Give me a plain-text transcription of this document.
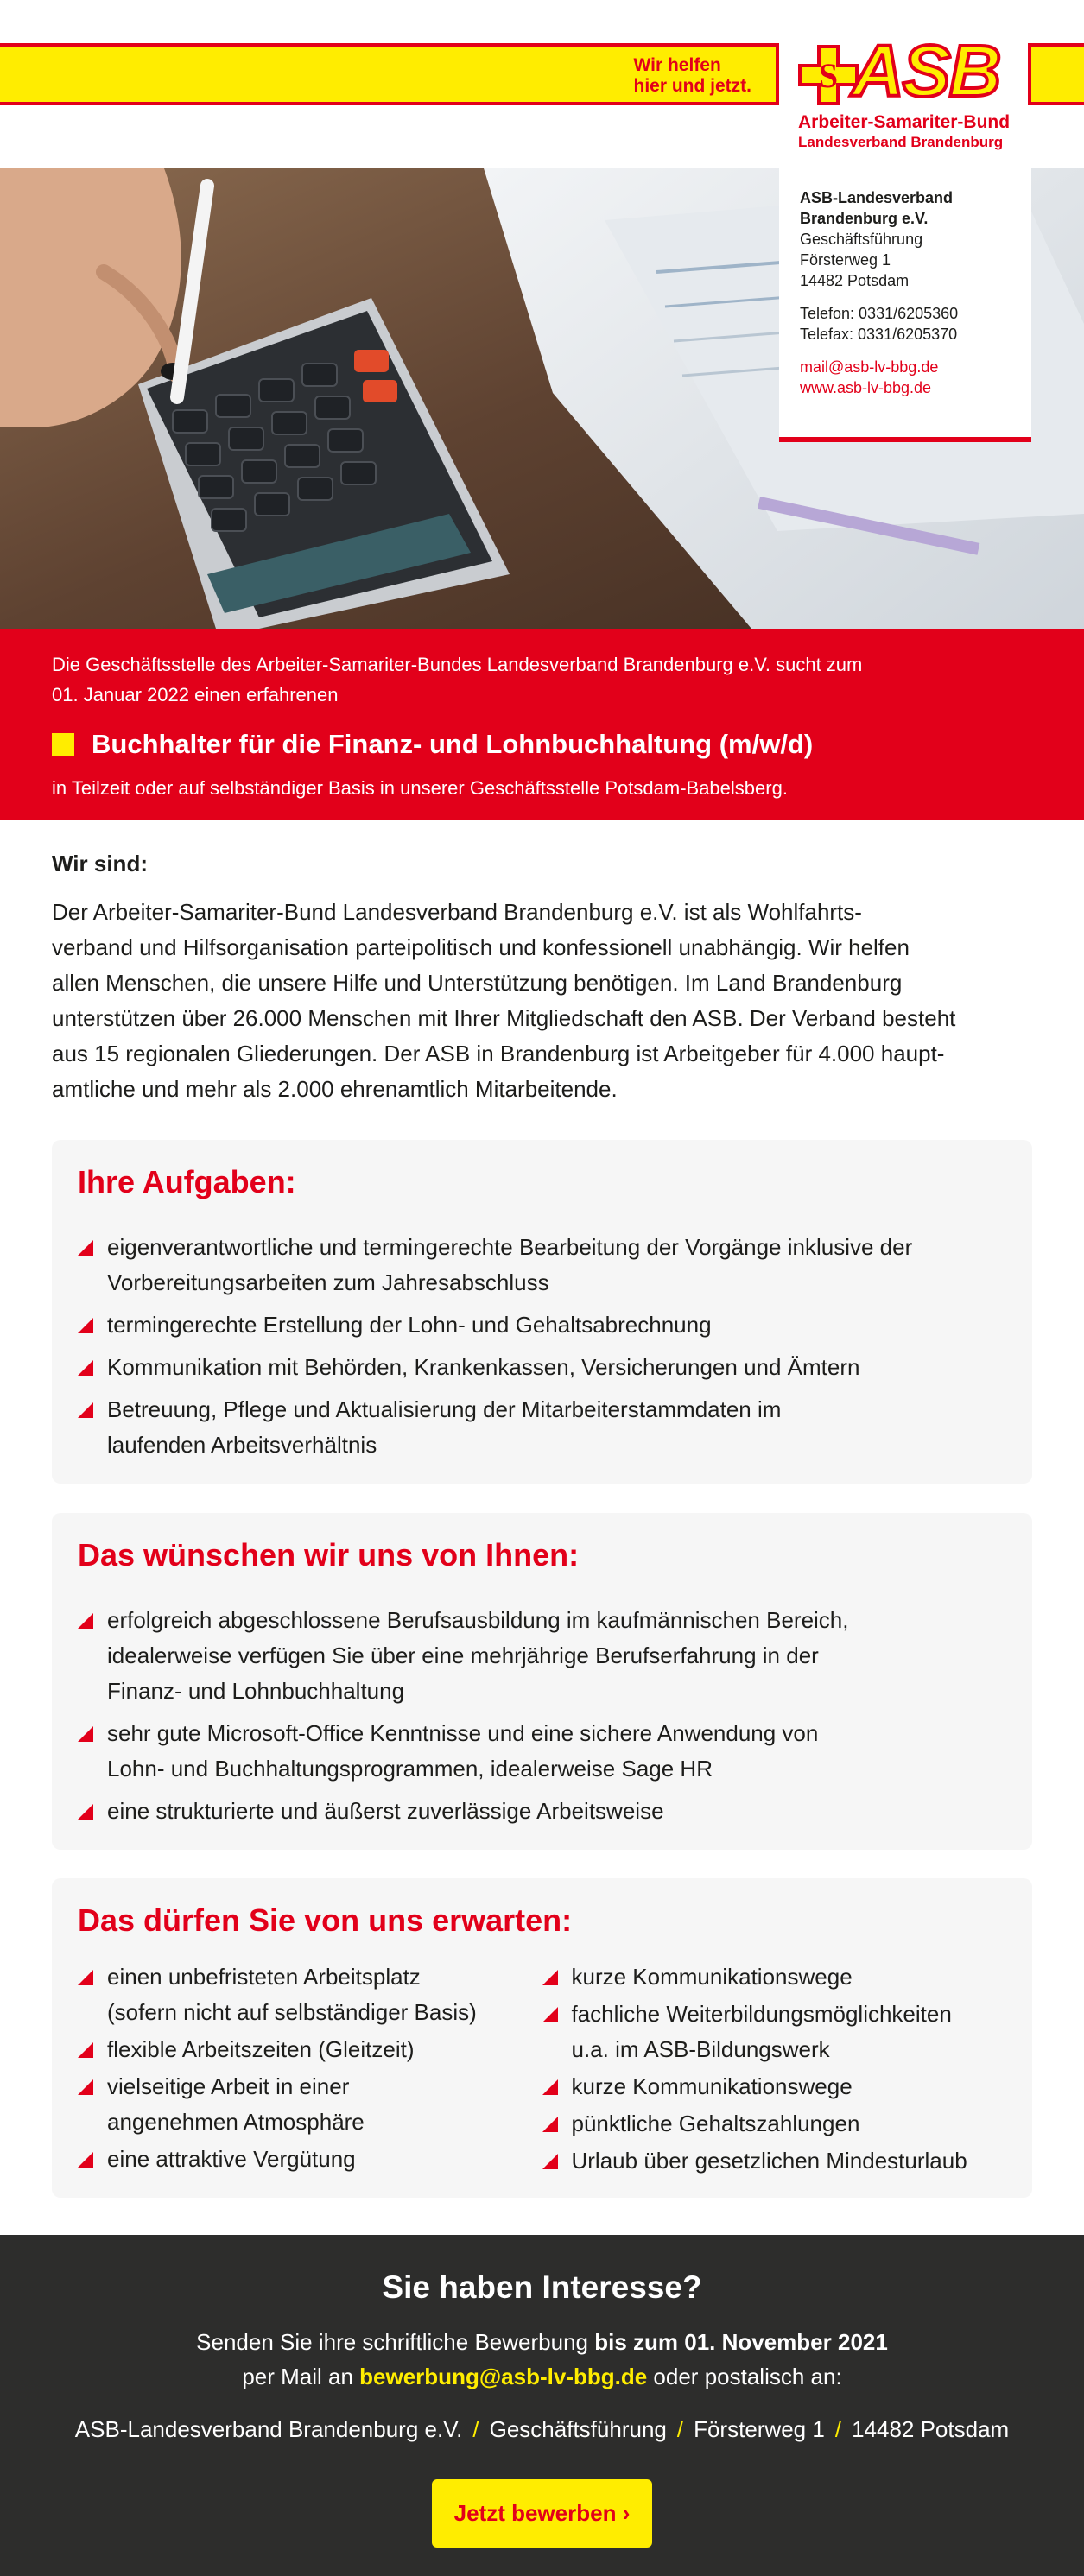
Wir helfen
hier und jetzt. S ASB
Arbeiter-Samariter-Bund
Landesverband Brandenburg
ASB-Landesverband
Brandenburg e.V.
Geschäftsführung
Försterweg 1
14482 Potsdam
Telefon: 0331/6205360
Telefax: 0331/6205370
mail@asb-lv-bbg.de
www.asb-lv-bbg.de
Die Geschäftsstelle des Arbeiter-Samariter-Bundes Landesverband Brandenburg e.V. sucht zum
01. Januar 2022 einen erfahrenen
Buchhalter für die Finanz- und Lohnbuchhaltung (m/w/d)
in Teilzeit oder auf selbständiger Basis in unserer Geschäftsstelle Potsdam-Babelsberg.
Wir sind:
Der Arbeiter-Samariter-Bund Landesverband Brandenburg e.V. ist als Wohlfahrts-
verband und Hilfsorganisation parteipolitisch und konfessionell unabhängig. Wir helfen
allen Menschen, die unsere Hilfe und Unterstützung benötigen. Im Land Brandenburg
unterstützen über 26.000 Menschen mit Ihrer Mitgliedschaft den ASB. Der Verband besteht
aus 15 regionalen Gliederungen. Der ASB in Brandenburg ist Arbeitgeber für 4.000 haupt-
amtliche und mehr als 2.000 ehrenamtlich Mitarbeitende.
Ihre Aufgaben:
eigenverantwortliche und termingerechte Bearbeitung der Vorgänge inklusive der
Vorbereitungsarbeiten zum Jahresabschluss
termingerechte Erstellung der Lohn- und Gehaltsabrechnung
Kommunikation mit Behörden, Krankenkassen, Versicherungen und Ämtern
Betreuung, Pflege und Aktualisierung der Mitarbeiterstammdaten im
laufenden Arbeitsverhältnis
Das wünschen wir uns von Ihnen:
erfolgreich abgeschlossene Berufsausbildung im kaufmännischen Bereich,
idealerweise verfügen Sie über eine mehrjährige Berufserfahrung in der
Finanz- und Lohnbuchhaltung
sehr gute Microsoft-Office Kenntnisse und eine sichere Anwendung von
Lohn- und Buchhaltungsprogrammen, idealerweise Sage HR
eine strukturierte und äußerst zuverlässige Arbeitsweise
Das dürfen Sie von uns erwarten:
einen unbefristeten Arbeitsplatz
(sofern nicht auf selbständiger Basis)
flexible Arbeitszeiten (Gleitzeit)
vielseitige Arbeit in einer
angenehmen Atmosphäre
eine attraktive Vergütung
kurze Kommunikationswege
fachliche Weiterbildungsmöglichkeiten
u.a. im ASB-Bildungswerk
kurze Kommunikationswege
pünktliche Gehaltszahlungen
Urlaub über gesetzlichen Mindesturlaub
Sie haben Interesse?
Senden Sie ihre schriftliche Bewerbung bis zum 01. November 2021
per Mail an bewerbung@asb-lv-bbg.de oder postalisch an:
ASB-Landesverband Brandenburg e.V. / Geschäftsführung / Försterweg 1 / 14482 Potsdam
Jetzt bewerben ›
